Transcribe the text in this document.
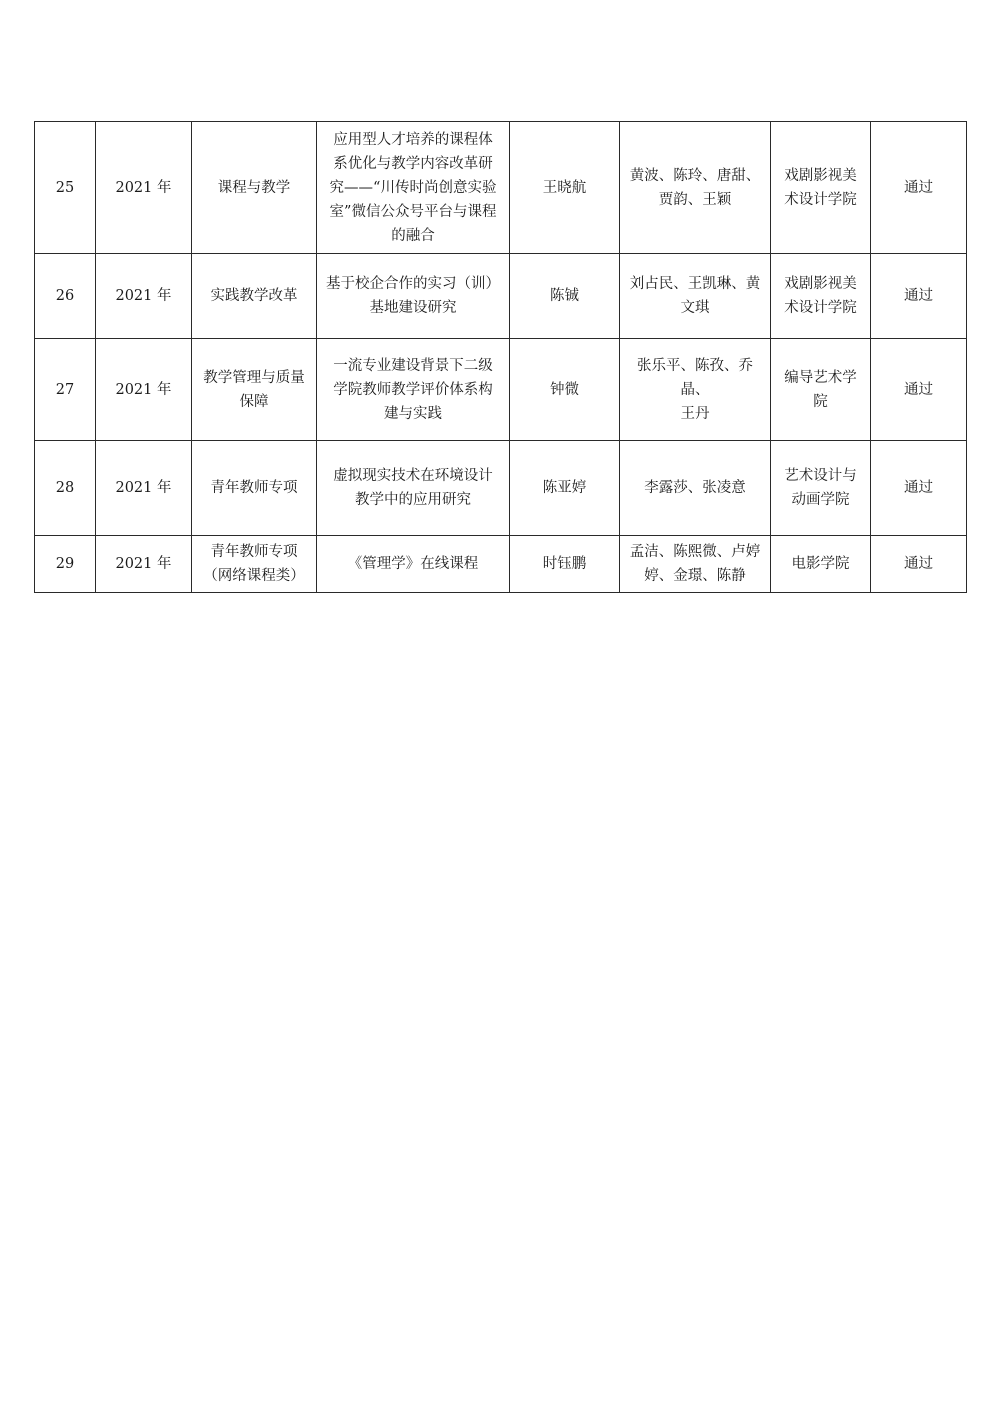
25	2021 年	课程与教学	应用型人才培养的课程体
系优化与教学内容改革研
究——“川传时尚创意实验
室”微信公众号平台与课程
的融合	王晓航	黄波、陈玲、唐甜、
贾韵、王颖	戏剧影视美
术设计学院	通过
26	2021 年	实践教学改革	基于校企合作的实习（训）
基地建设研究	陈铖	刘占民、王凯琳、黄
文琪	戏剧影视美
术设计学院	通过
27	2021 年	教学管理与质量
保障	一流专业建设背景下二级
学院教师教学评价体系构
建与实践	钟微	张乐平、陈孜、乔晶、
王丹	编导艺术学
院	通过
28	2021 年	青年教师专项	虚拟现实技术在环境设计
教学中的应用研究	陈亚婷	李露莎、张凌意	艺术设计与
动画学院	通过
29	2021 年	青年教师专项
（网络课程类）	《管理学》在线课程	时钰鹏	孟洁、陈熙微、卢婷
婷、金璟、陈静	电影学院	通过
